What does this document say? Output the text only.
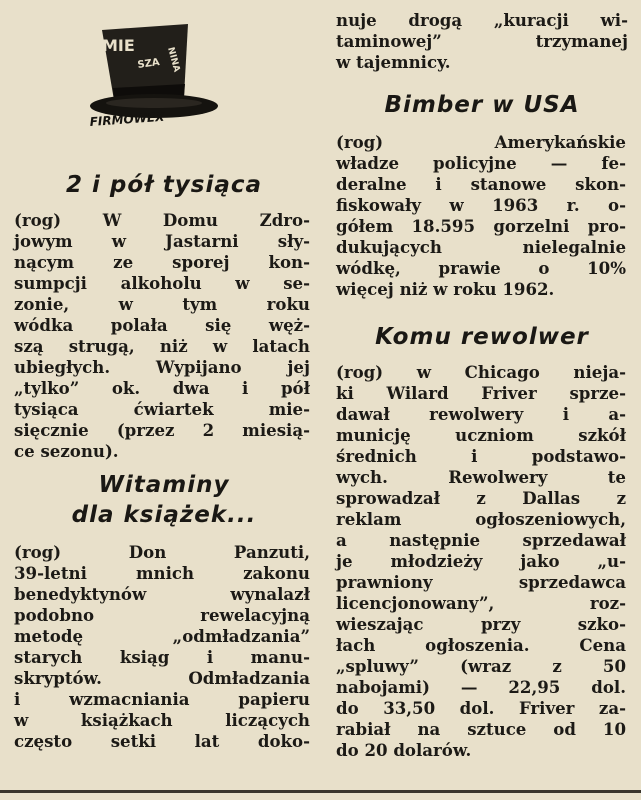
MIE
SZA NINA
FIRMOWEX
2 i pół tysiąca
(rog) W Domu Zdro-
jowym w Jastarni sły-
nącym ze sporej kon-
sumpcji alkoholu w se-
zonie, w tym roku
wódka polała się węż-
szą strugą, niż w latach
ubiegłych. Wypijano jej
„tylko” ok. dwa i pół
tysiąca ćwiartek mie-
sięcznie (przez 2 miesią-
ce sezonu).
Witaminy
dla książek...
(rog) Don Panzuti,
39-letni mnich zakonu
benedyktynów wynalazł
podobno rewelacyjną
metodę „odmładzania”
starych ksiąg i manu-
skryptów. Odmładzania
i wzmacniania papieru
w książkach liczących
często setki lat doko-
nuje drogą „kuracji wi-
taminowej” trzymanej
w tajemnicy.
Bimber w USA
(rog) Amerykańskie
władze policyjne — fe-
deralne i stanowe skon-
fiskowały w 1963 r. o-
gółem 18.595 gorzelni pro-
dukujących nielegalnie
wódkę, prawie o 10%
więcej niż w roku 1962.
Komu rewolwer
(rog) w Chicago nieja-
ki Wilard Friver sprze-
dawał rewolwery i a-
municję uczniom szkół
średnich i podstawo-
wych. Rewolwery te
sprowadzał z Dallas z
reklam ogłoszeniowych,
a następnie sprzedawał
je młodzieży jako „u-
prawniony sprzedawca
licencjonowany”, roz-
wieszając przy szko-
łach ogłoszenia. Cena
„spluwy” (wraz z 50
nabojami) — 22,95 dol.
do 33,50 dol. Friver za-
rabiał na sztuce od 10
do 20 dolarów.
